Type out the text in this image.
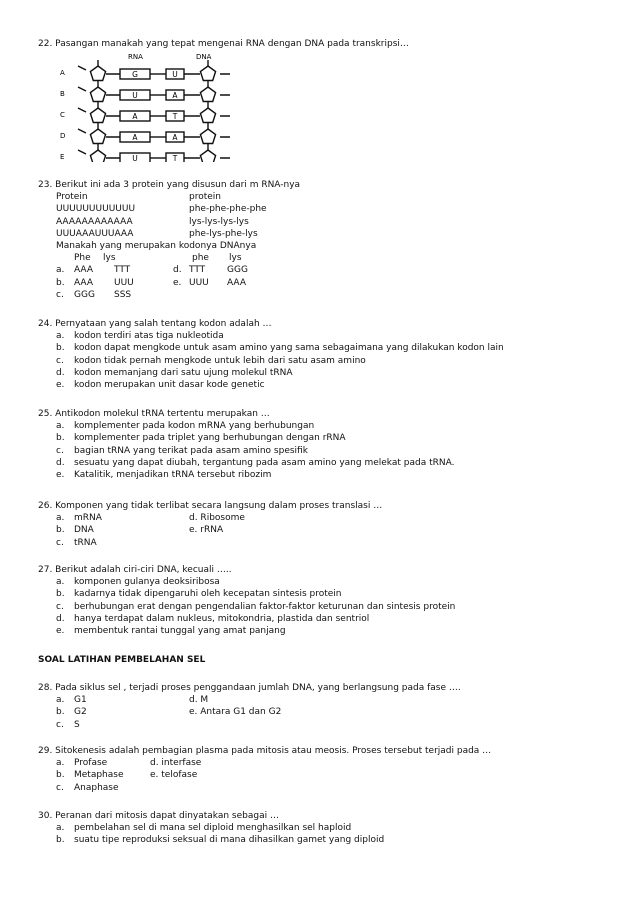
22. Pasangan manakah yang tepat mengenai RNA dengan DNA pada transkripsi…
RNA	DNA
A	G	U
B	U	A
C	A	T
D	A	A
E	U	T
23. Berikut ini ada 3 protein yang disusun dari m RNA-nya
Protein	protein
UUUUUUUUUUUU	phe-phe-phe-phe
AAAAAAAAAAAA	lys-lys-lys-lys
UUUAAAUUUAAA	phe-lys-phe-lys
Manakah yang merupakan kodonya DNAnya
Phe lys	phe lys
a. AAA TTT	d. TTT GGG
b. AAA UUU	e. UUU AAA
c. GGG SSS
24. Pernyataan yang salah tentang kodon adalah …
a.	kodon terdiri atas tiga nukleotida
b.	kodon dapat mengkode untuk asam amino yang sama sebagaimana yang dilakukan kodon lain
c.	kodon tidak pernah mengkode untuk lebih dari satu asam amino
d.	kodon memanjang dari satu ujung molekul tRNA
e.	kodon merupakan unit dasar kode genetic
25. Antikodon molekul tRNA tertentu merupakan …
a.	komplementer pada kodon mRNA yang berhubungan
b.	komplementer pada triplet yang berhubungan dengan rRNA
c.	bagian tRNA yang terikat pada asam amino spesifik
d.	sesuatu yang dapat diubah, tergantung pada asam amino yang melekat pada tRNA.
e.	Katalitik, menjadikan tRNA tersebut ribozim
26. Komponen yang tidak terlibat secara langsung dalam proses translasi …
a.	mRNA	d. Ribosome
b.	DNA	e. rRNA
c.	tRNA
27. Berikut adalah ciri-ciri DNA, kecuali …..
a.	komponen gulanya deoksiribosa
b.	kadarnya tidak dipengaruhi oleh kecepatan sintesis protein
c.	berhubungan erat dengan pengendalian faktor-faktor keturunan dan sintesis protein
d.	hanya terdapat dalam nukleus, mitokondria, plastida dan sentriol
e.	membentuk rantai tunggal yang amat panjang
SOAL LATIHAN PEMBELAHAN SEL
28. Pada siklus sel , terjadi proses penggandaan jumlah DNA, yang berlangsung pada fase ….
a.	G1	d. M
b.	G2	e. Antara G1 dan G2
c.	S
29. Sitokenesis adalah pembagian plasma pada mitosis atau meosis. Proses tersebut terjadi pada …
a.	Profase	d. interfase
b.	Metaphase	e. telofase
c.	Anaphase
30. Peranan dari mitosis dapat dinyatakan sebagai …
a.	pembelahan sel di mana sel diploid menghasilkan sel haploid
b.	suatu tipe reproduksi seksual di mana dihasilkan gamet yang diploid
